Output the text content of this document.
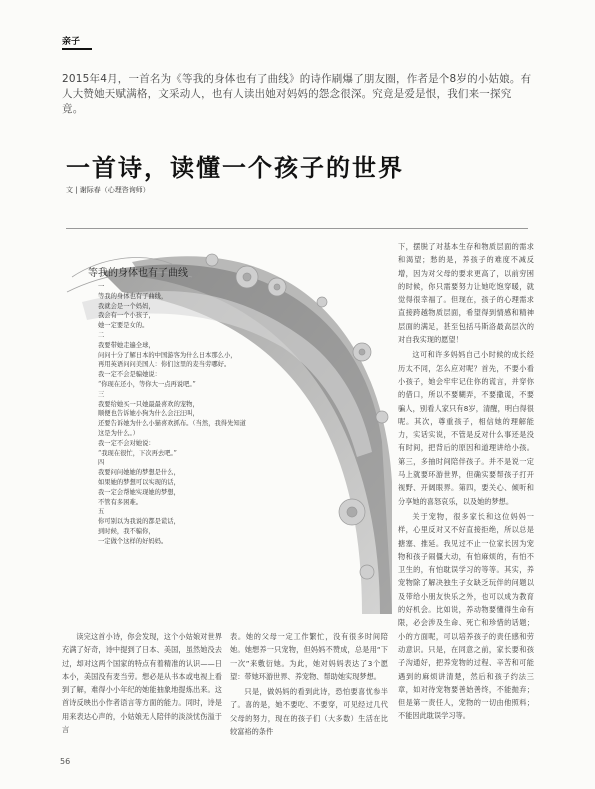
亲子
2015年4月，一首名为《等我的身体也有了曲线》的诗作刷爆了朋友圈，作者是个8岁的小姑娘。有人大赞她天赋满格，文采动人，也有人读出她对妈妈的怨念很深。究竟是爱是恨，我们来一探究竟。
一首诗，读懂一个孩子的世界
文 | 谢际春（心理咨询师）
等我的身体也有了曲线
一
等我的身体也有了曲线，
我就会是一个妈妈，
我会有一个小孩子，
她一定要是女的。
二
我要带她走遍全球，
问问十分了解日本的中国游客为什么日本那么小，
再用英语问问美国人：你们这里的麦当劳哪好。
我一定不会是骗她说：
“你现在还小，等你大一点再说吧。”
三
我要给她买一只她最最喜欢的宠物，
顺便也告诉她小狗为什么会汪汪叫，
还要告诉她为什么小猫喜欢抓布。（当然，我得先知道
这是为什么。）
我一定不会对她说：
“我现在很忙，下次再去吧。”
四
我要问问她她的梦想是什么，
如果她的梦想可以实现的话，
我一定会帮她实现她的梦想，
不管有多困难。
五
你可别以为我说的都是谎话，
到时候，我不骗你，
一定做个这样的好妈妈。

读完这首小诗，你会发现，这个小姑娘对世界充满了好奇，诗中提到了日本、美国，虽然她没去过，却对这两个国家的特点有着精准的认识——日本小，美国没有麦当劳。想必是从书本或电视上看到了解，难得小小年纪的她能抽象地提炼出来。这首诗反映出小作者语言等方面的能力。同时，诗是用来表达心声的，小姑娘无人陪伴的淡淡忧伤溢于言

表。她的父母一定工作繁忙，没有很多时间陪她。她想养一只宠物，但妈妈不赞成，总是用“下一次”来敷衍她。为此，她对妈妈表达了3个愿望：带她环游世界、养宠物、帮助她实现梦想。

只是，做妈妈的看到此诗，恐怕要喜忧参半了。喜的是，她不要吃、不要穿，可见经过几代父母的努力，现在的孩子们（大多数）生活在比较富裕的条件

下，摆脱了对基本生存和物质层面的需求和渴望；愁的是，养孩子的难度不减反增，因为对父母的要求更高了，以前穷困的时候，你只需要努力让她吃饱穿暖，就觉得很幸福了。但现在，孩子的心理需求直接跨越物质层面，希望得到情感和精神层面的满足，甚至包括马斯洛最高层次的对自我实现的愿望！

这可和许多妈妈自己小时候的成长经历太不同，怎么应对呢？首先，不要小看小孩子，她会牢牢记住你的谎言，并穿你的借口，所以不要糊弄，不要撒谎，不要骗人，别看人家只有8岁，清醒，明白得很呢。其次，尊重孩子，相信她的理解能力，实话实说，不管是反对什么事还是没有时间，把背后的原因和道理讲给小孩。第三，多抽时间陪伴孩子。并不是说一定马上就要环游世界，但确实要帮孩子打开视野、开阔眼界。第四，要关心、倾听和分享她的喜怒哀乐，以及她的梦想。

关于宠物，很多家长和这位妈妈一样，心里反对又不好直接拒绝，所以总是搪塞、推延。我见过不止一位家长因为宠物和孩子闹僵大动，有怕麻烦的，有怕不卫生的，有怕耽误学习的等等。其实，养宠物除了解决独生子女缺乏玩伴的问题以及带给小朋友快乐之外，也可以成为教育的好机会。比如说，养动物要懂得生命有限，必会涉及生命、死亡和珍惜的话题；小的方面呢，可以培养孩子的责任感和劳动意识。只是，在同意之前，家长要和孩子沟通好，把养宠物的过程、辛苦和可能遇到的麻烦讲清楚，然后和孩子约法三章，如对待宠物要善始善终，不能抛弃；但是第一责任人，宠物的一切由他照料；不能因此耽误学习等。

56
